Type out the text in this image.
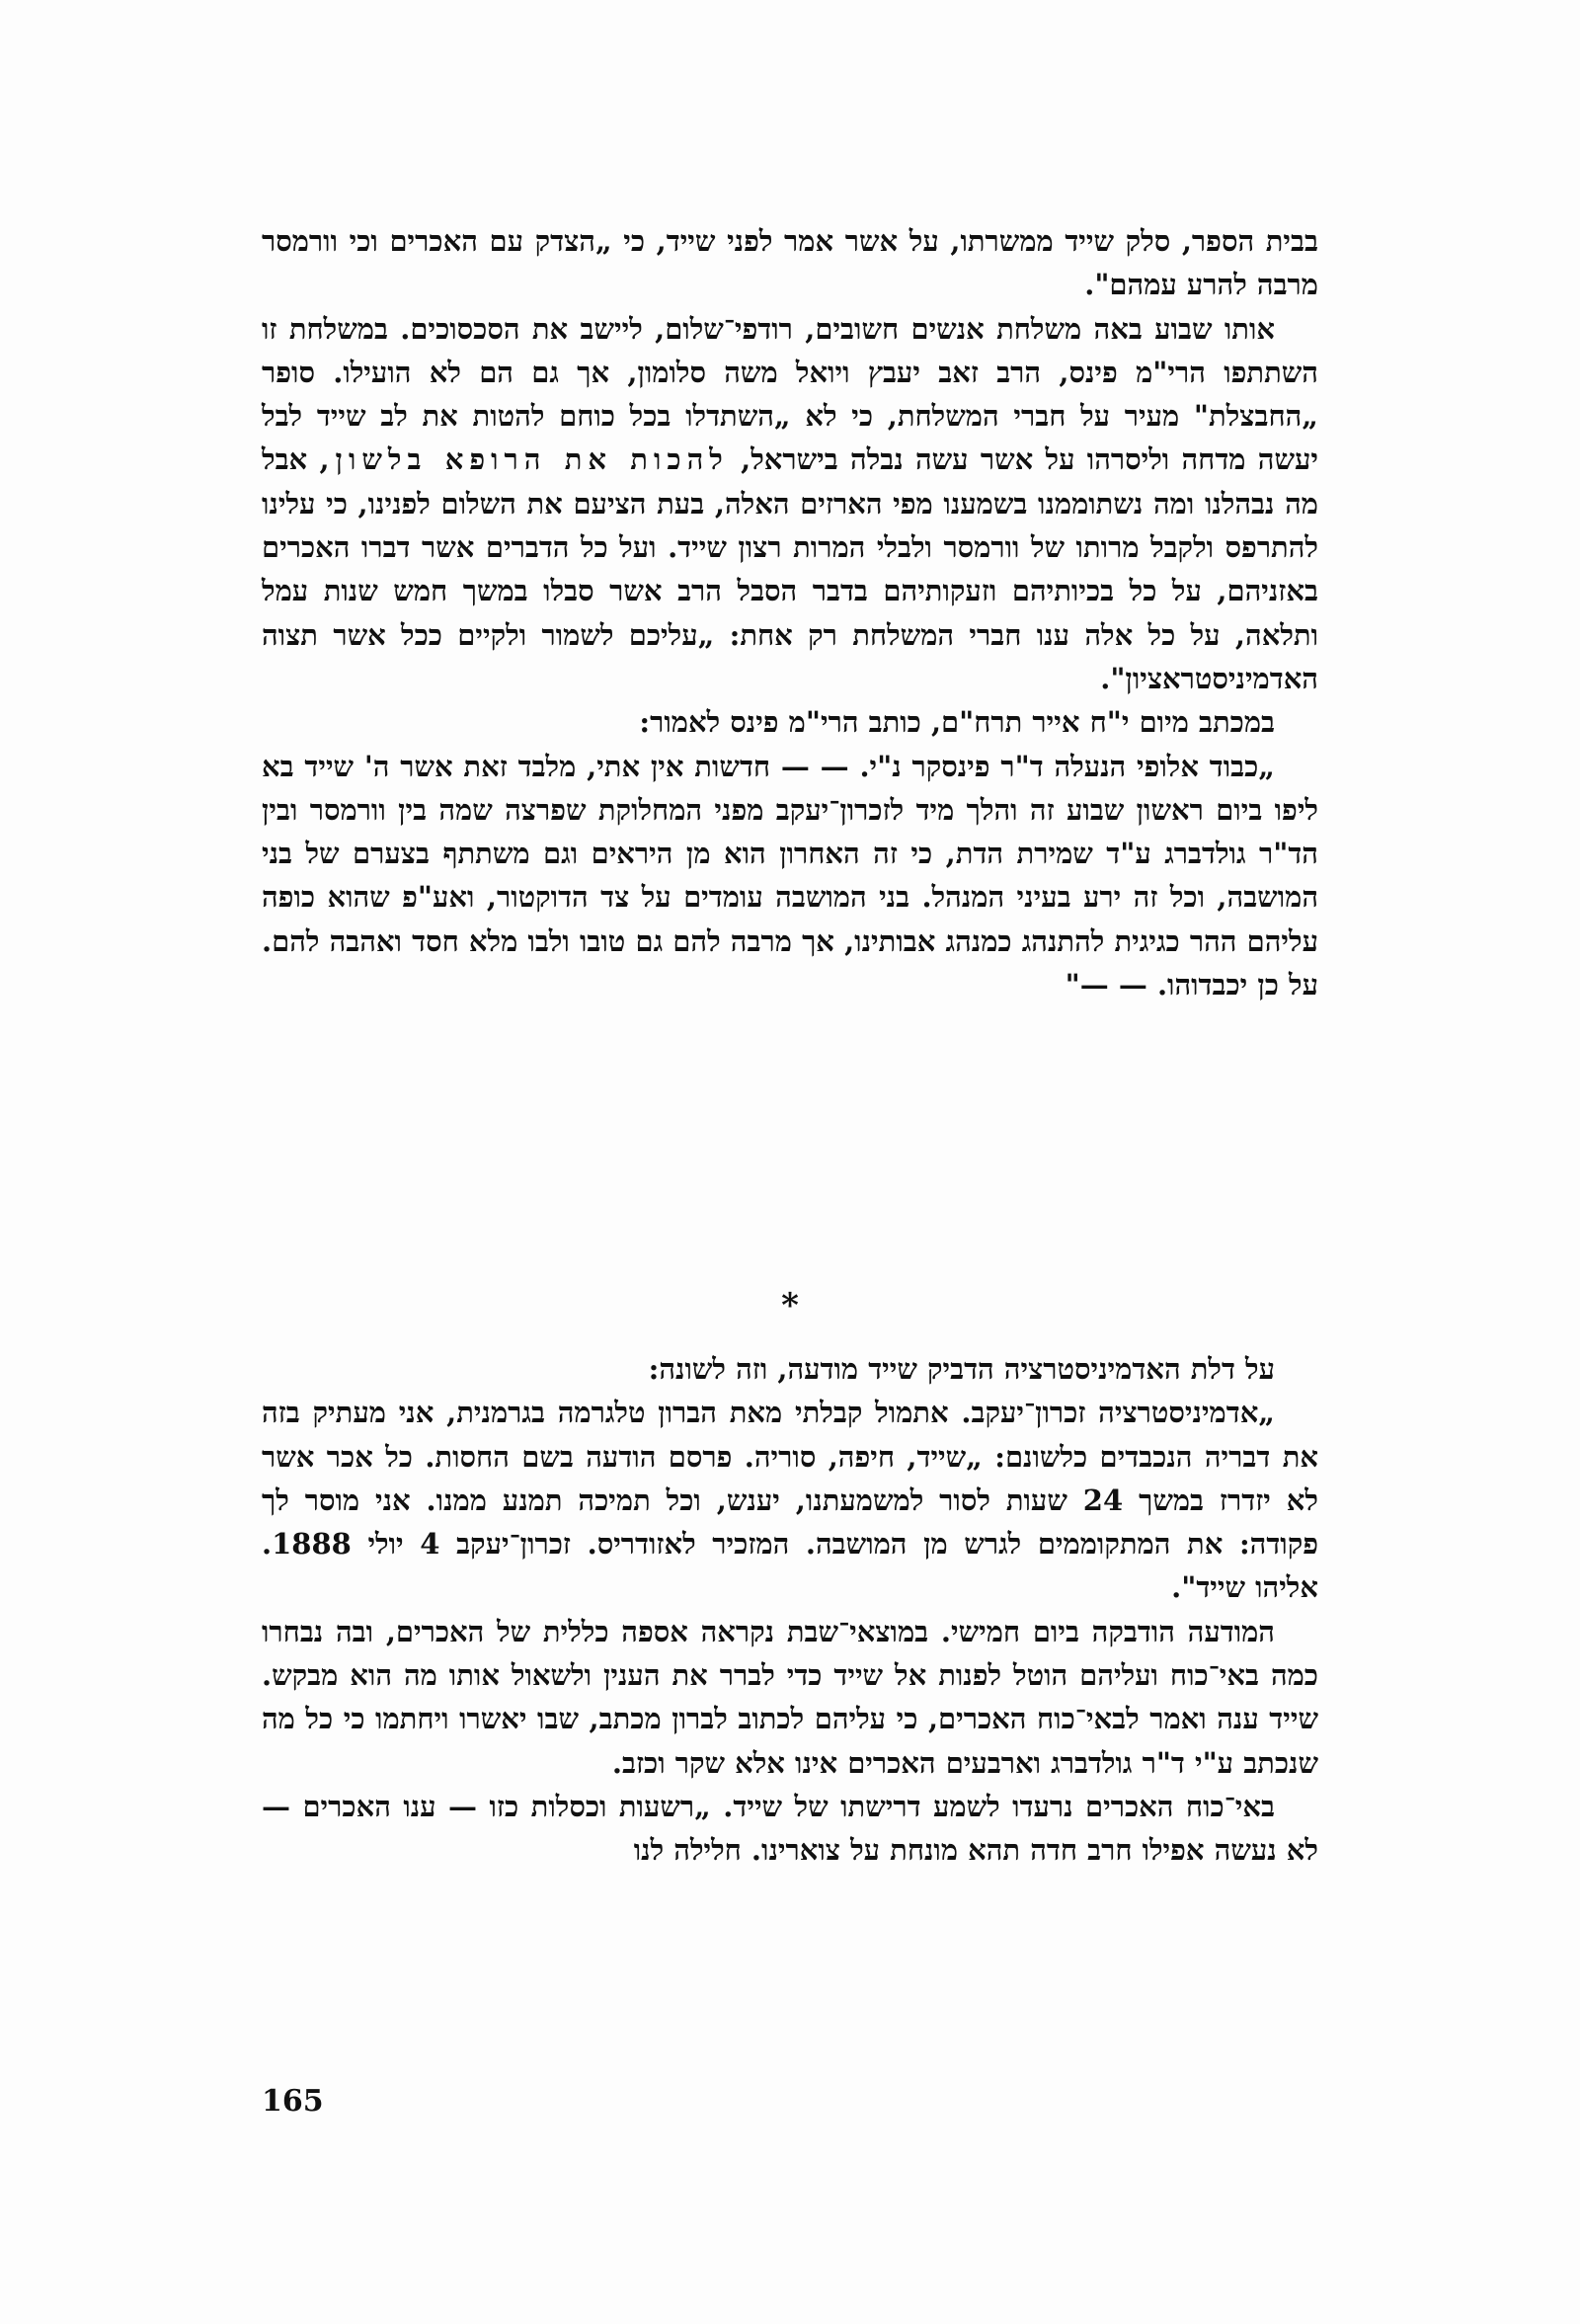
בבית הספר, סלק שייד ממשרתו, על אשר אמר לפני שייד, כי „הצדק עם האכרים וכי וורמסר מרבה להרע עמהם".

אותו שבוע באה משלחת אנשים חשובים, רודפי־שלום, ליישב את הסכסוכים. במשלחת זו השתתפו הרי"מ פינס, הרב זאב יעבץ ויואל משה סלומון, אך גם הם לא הועילו. סופר „החבצלת" מעיר על חברי המשלחת, כי לא „השתדלו בכל כוחם להטות את לב שייד לבל יעשה מדחה וליסרהו על אשר עשה נבלה בישראל, להכות את הרופא בלשון, אבל מה נבהלנו ומה נשתוממנו בשמענו מפי הארזים האלה, בעת הציעם את השלום לפנינו, כי עלינו להתרפס ולקבל מרותו של וורמסר ולבלי המרות רצון שייד. ועל כל הדברים אשר דברו האכרים באזניהם, על כל בכיותיהם וזעקותיהם בדבר הסבל הרב אשר סבלו במשך חמש שנות עמל ותלאה, על כל אלה ענו חברי המשלחת רק אחת: „עליכם לשמור ולקיים ככל אשר תצוה האדמיניסטראציון".

במכתב מיום י"ח אייר תרח"ם, כותב הרי"מ פינס לאמור:

„כבוד אלופי הנעלה ד"ר פינסקר נ"י. — — חדשות אין אתי, מלבד זאת אשר ה' שייד בא ליפו ביום ראשון שבוע זה והלך מיד לזכרון־יעקב מפני המחלוקת שפרצה שמה בין וורמסר ובין הד"ר גולדברג ע"ד שמירת הדת, כי זה האחרון הוא מן היראים וגם משתתף בצערם של בני המושבה, וכל זה ירע בעיני המנהל. בני המושבה עומדים על צד הדוקטור, ואע"פ שהוא כופה עליהם ההר כגיגית להתנהג כמנהג אבותינו, אך מרבה להם גם טובו ולבו מלא חסד ואהבה להם. על כן יכבדוהו. — —"

*

על דלת האדמיניסטרציה הדביק שייד מודעה, וזה לשונה:

„אדמיניסטרציה זכרון־יעקב. אתמול קבלתי מאת הברון טלגרמה בגרמנית, אני מעתיק בזה את דבריה הנכבדים כלשונם: „שייד, חיפה, סוריה. פרסם הודעה בשם החסות. כל אכר אשר לא יזדרז במשך 24 שעות לסור למשמעתנו, יענש, וכל תמיכה תמנע ממנו. אני מוסר לך פקודה: את המתקוממים לגרש מן המושבה. המזכיר לאזודריס. זכרון־יעקב 4 יולי 1888. אליהו שייד".

המודעה הודבקה ביום חמישי. במוצאי־שבת נקראה אספה כללית של האכרים, ובה נבחרו כמה באי־כוח ועליהם הוטל לפנות אל שייד כדי לברר את הענין ולשאול אותו מה הוא מבקש. שייד ענה ואמר לבאי־כוח האכרים, כי עליהם לכתוב לברון מכתב, שבו יאשרו ויחתמו כי כל מה שנכתב ע"י ד"ר גולדברג וארבעים האכרים אינו אלא שקר וכזב.

באי־כוח האכרים נרעדו לשמע דרישתו של שייד. „רשעות וכסלות כזו — ענו האכרים — לא נעשה אפילו חרב חדה תהא מונחת על צוארינו. חלילה לנו

165
